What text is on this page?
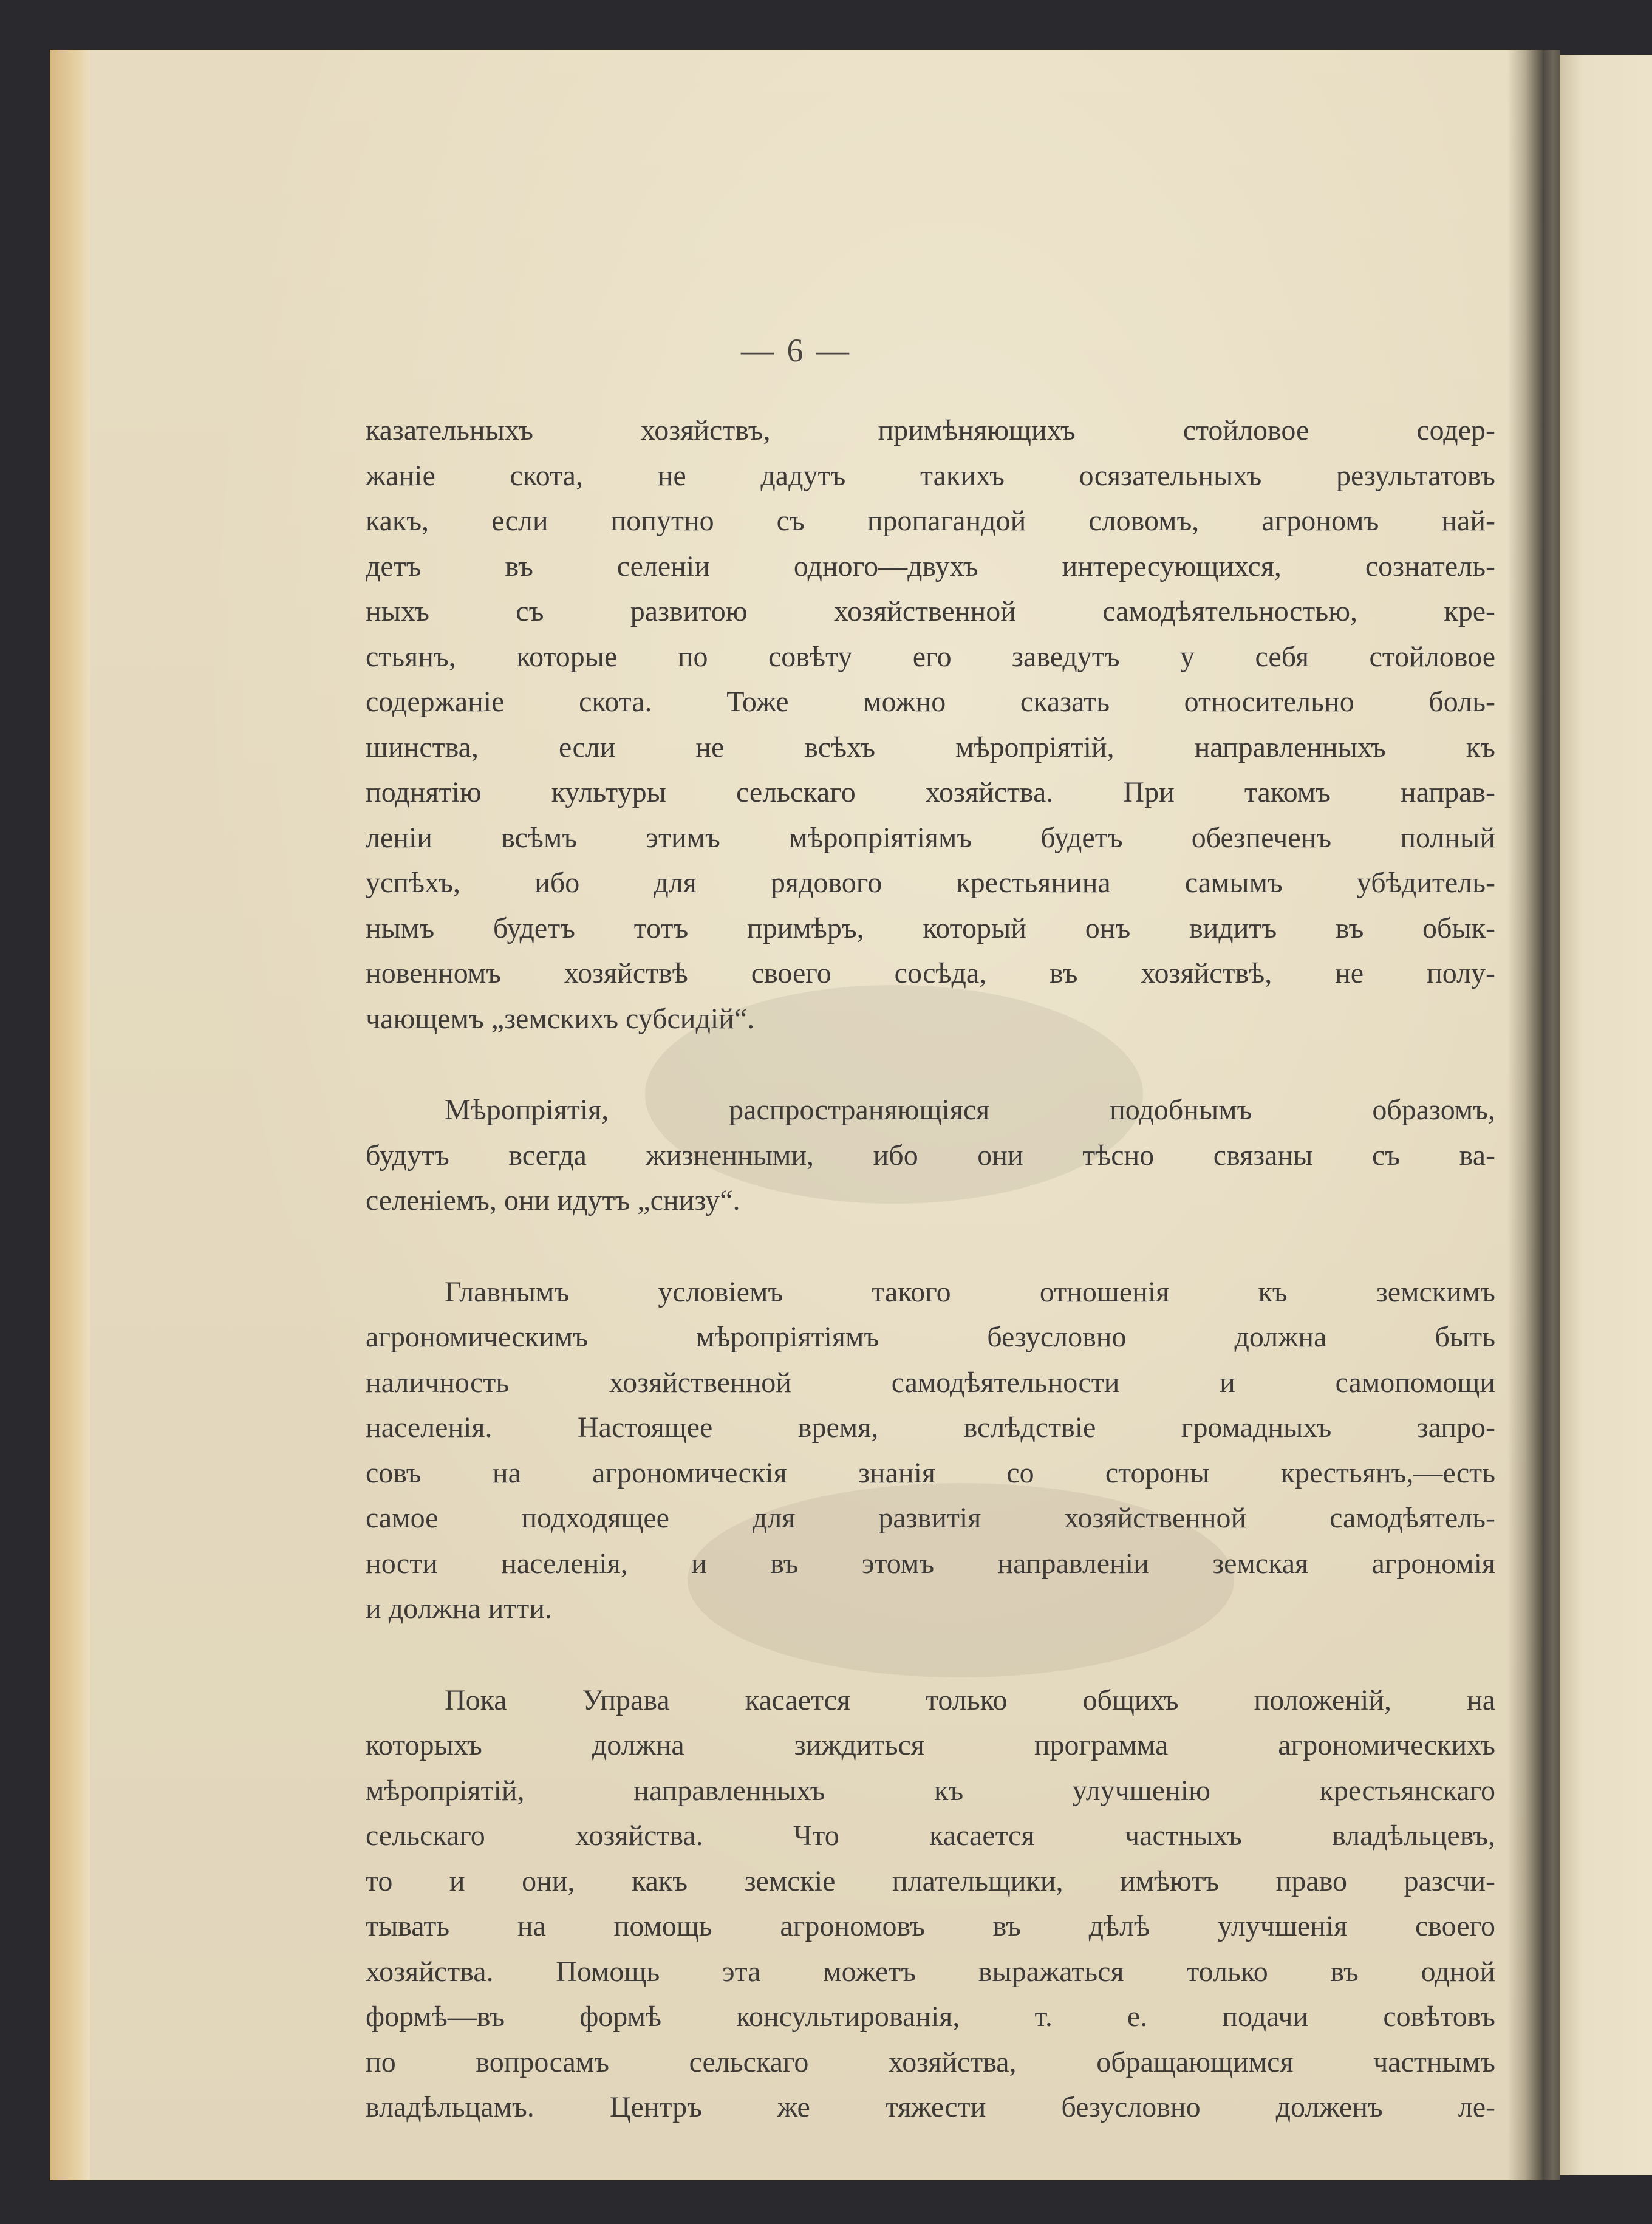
— 6 —

казательныхъ хозяйствъ, примѣняющихъ стойловое содер-

жаніе скота, не дадутъ такихъ осязательныхъ результатовъ

какъ, если попутно съ пропагандой словомъ, агрономъ най-

детъ въ селеніи одного—двухъ интересующихся, сознатель-

ныхъ съ развитою хозяйственной самодѣятельностью, кре-

стьянъ, которые по совѣту его заведутъ у себя стойловое

содержаніе скота. Тоже можно сказать относительно боль-

шинства, если не всѣхъ мѣропріятій, направленныхъ къ

поднятію культуры сельскаго хозяйства. При такомъ направ-

леніи всѣмъ этимъ мѣропріятіямъ будетъ обезпеченъ полный

успѣхъ, ибо для рядового крестьянина самымъ убѣдитель-

нымъ будетъ тотъ примѣръ, который онъ видитъ въ обык-

новенномъ хозяйствѣ своего сосѣда, въ хозяйствѣ, не полу-

чающемъ „земскихъ субсидій“.

Мѣропріятія, распространяющіяся подобнымъ образомъ,

будутъ всегда жизненными, ибо они тѣсно связаны съ ва-

селеніемъ, они идутъ „снизу“.

Главнымъ условіемъ такого отношенія къ земскимъ

агрономическимъ мѣропріятіямъ безусловно должна быть

наличность хозяйственной самодѣятельности и самопомощи

населенія. Настоящее время, вслѣдствіе громадныхъ запро-

совъ на агрономическія знанія со стороны крестьянъ,—есть

самое подходящее для развитія хозяйственной самодѣятель-

ности населенія, и въ этомъ направленіи земская агрономія

и должна итти.

Пока Управа касается только общихъ положеній, на

которыхъ должна зиждиться программа агрономическихъ

мѣропріятій, направленныхъ къ улучшенію крестьянскаго

сельскаго хозяйства. Что касается частныхъ владѣльцевъ,

то и они, какъ земскіе плательщики, имѣютъ право разсчи-

тывать на помощь агрономовъ въ дѣлѣ улучшенія своего

хозяйства. Помощь эта можетъ выражаться только въ одной

формѣ—въ формѣ консультированія, т. е. подачи совѣтовъ

по вопросамъ сельскаго хозяйства, обращающимся частнымъ

владѣльцамъ. Центръ же тяжести безусловно долженъ ле-
